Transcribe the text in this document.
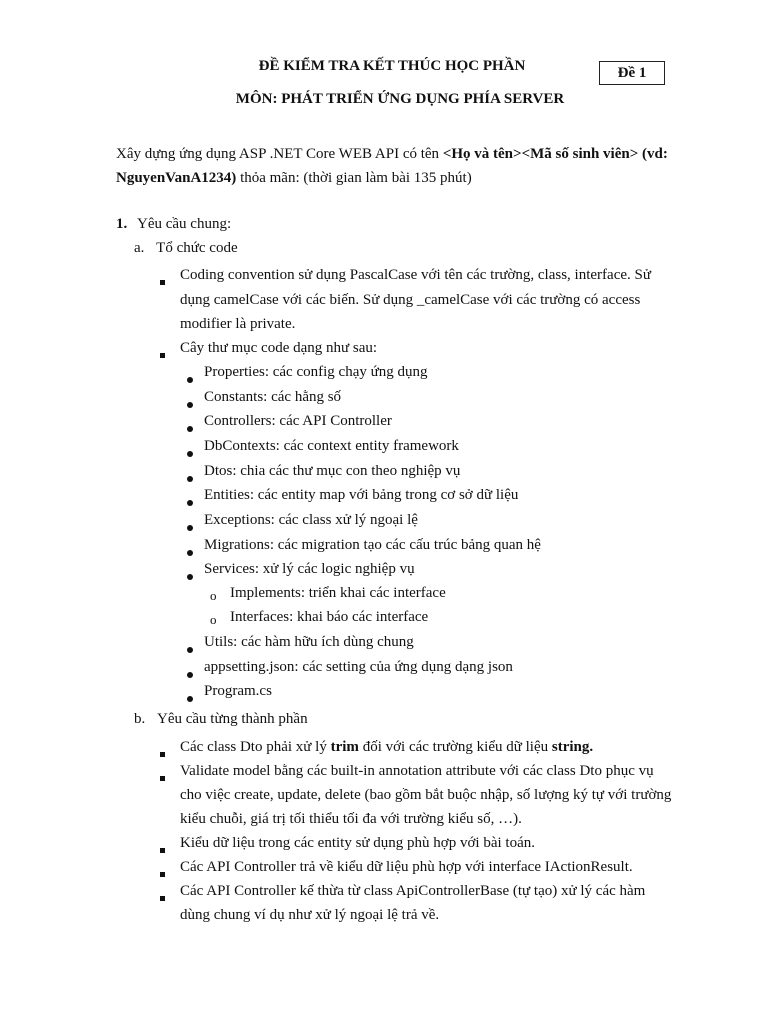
ĐỀ KIỂM TRA KẾT THÚC HỌC PHẦN
MÔN: PHÁT TRIỂN ỨNG DỤNG PHÍA SERVER
Đề 1
Xây dựng ứng dụng ASP .NET Core WEB API có tên <Họ và tên><Mã số sinh viên> (vd:
NguyenVanA1234) thỏa mãn: (thời gian làm bài 135 phút)
1. Yêu cầu chung:
a. Tổ chức code
Coding convention sử dụng PascalCase với tên các trường, class, interface. Sử
dụng camelCase với các biến. Sử dụng _camelCase với các trường có access
modifier là private.
Cây thư mục code dạng như sau:
Properties: các config chạy ứng dụng
Constants: các hằng số
Controllers: các API Controller
DbContexts: các context entity framework
Dtos: chia các thư mục con theo nghiệp vụ
Entities: các entity map với bảng trong cơ sở dữ liệu
Exceptions: các class xử lý ngoại lệ
Migrations: các migration tạo các cấu trúc bảng quan hệ
Services: xử lý các logic nghiệp vụ
o Implements: triển khai các interface
o Interfaces: khai báo các interface
Utils: các hàm hữu ích dùng chung
appsetting.json: các setting của ứng dụng dạng json
Program.cs
b. Yêu cầu từng thành phần
Các class Dto phải xử lý trim đối với các trường kiểu dữ liệu string.
Validate model bằng các built-in annotation attribute với các class Dto phục vụ
cho việc create, update, delete (bao gồm bắt buộc nhập, số lượng ký tự với trường
kiểu chuỗi, giá trị tối thiểu tối đa với trường kiểu số, …).
Kiểu dữ liệu trong các entity sử dụng phù hợp với bài toán.
Các API Controller trả về kiểu dữ liệu phù hợp với interface IActionResult.
Các API Controller kế thừa từ class ApiControllerBase (tự tạo) xử lý các hàm
dùng chung ví dụ như xử lý ngoại lệ trả về.
